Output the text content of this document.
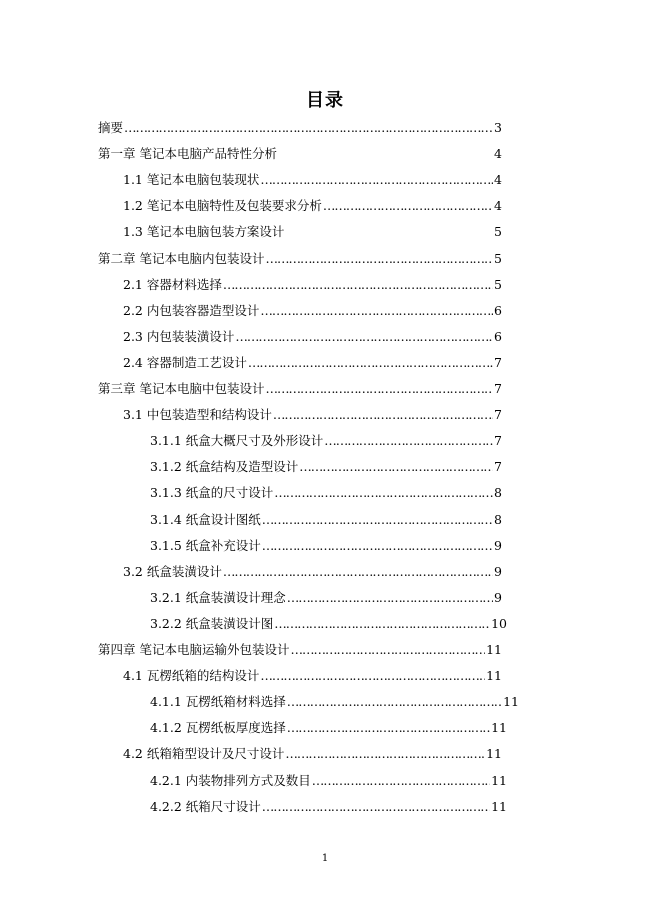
目录
摘要 …………………………………………………………………………………………………………………………………………………………	3
第一章 笔记本电脑产品特性分析	4
1.1 笔记本电脑包装现状 …………………………………………………………………………………………………………………………………………………………	4
1.2 笔记本电脑特性及包装要求分析 …………………………………………………………………………………………………………………………………………………………	4
1.3 笔记本电脑包装方案设计	5
第二章 笔记本电脑内包装设计 …………………………………………………………………………………………………………………………………………………………	5
2.1 容器材料选择 …………………………………………………………………………………………………………………………………………………………	5
2.2 内包装容器造型设计 …………………………………………………………………………………………………………………………………………………………	6
2.3 内包装装潢设计 …………………………………………………………………………………………………………………………………………………………	6
2.4 容器制造工艺设计 …………………………………………………………………………………………………………………………………………………………	7
第三章 笔记本电脑中包装设计 …………………………………………………………………………………………………………………………………………………………	7
3.1 中包装造型和结构设计 …………………………………………………………………………………………………………………………………………………………	7
3.1.1 纸盒大概尺寸及外形设计 …………………………………………………………………………………………………………………………………………………………	7
3.1.2 纸盒结构及造型设计 …………………………………………………………………………………………………………………………………………………………	7
3.1.3 纸盒的尺寸设计 …………………………………………………………………………………………………………………………………………………………	8
3.1.4 纸盒设计图纸 …………………………………………………………………………………………………………………………………………………………	8
3.1.5 纸盒补充设计 …………………………………………………………………………………………………………………………………………………………	9
3.2 纸盒装潢设计 …………………………………………………………………………………………………………………………………………………………	9
3.2.1 纸盒装潢设计理念 …………………………………………………………………………………………………………………………………………………………	9
3.2.2 纸盒装潢设计图 …………………………………………………………………………………………………………………………………………………………	10
第四章 笔记本电脑运输外包装设计 …………………………………………………………………………………………………………………………………………………………	11
4.1 瓦楞纸箱的结构设计 …………………………………………………………………………………………………………………………………………………………	11
4.1.1 瓦楞纸箱材料选择 …………………………………………………………………………………………………………………………………………………………	11
4.1.2 瓦楞纸板厚度选择 …………………………………………………………………………………………………………………………………………………………	11
4.2 纸箱箱型设计及尺寸设计 …………………………………………………………………………………………………………………………………………………………	11
4.2.1 内装物排列方式及数目 …………………………………………………………………………………………………………………………………………………………	11
4.2.2 纸箱尺寸设计 …………………………………………………………………………………………………………………………………………………………	11
1
